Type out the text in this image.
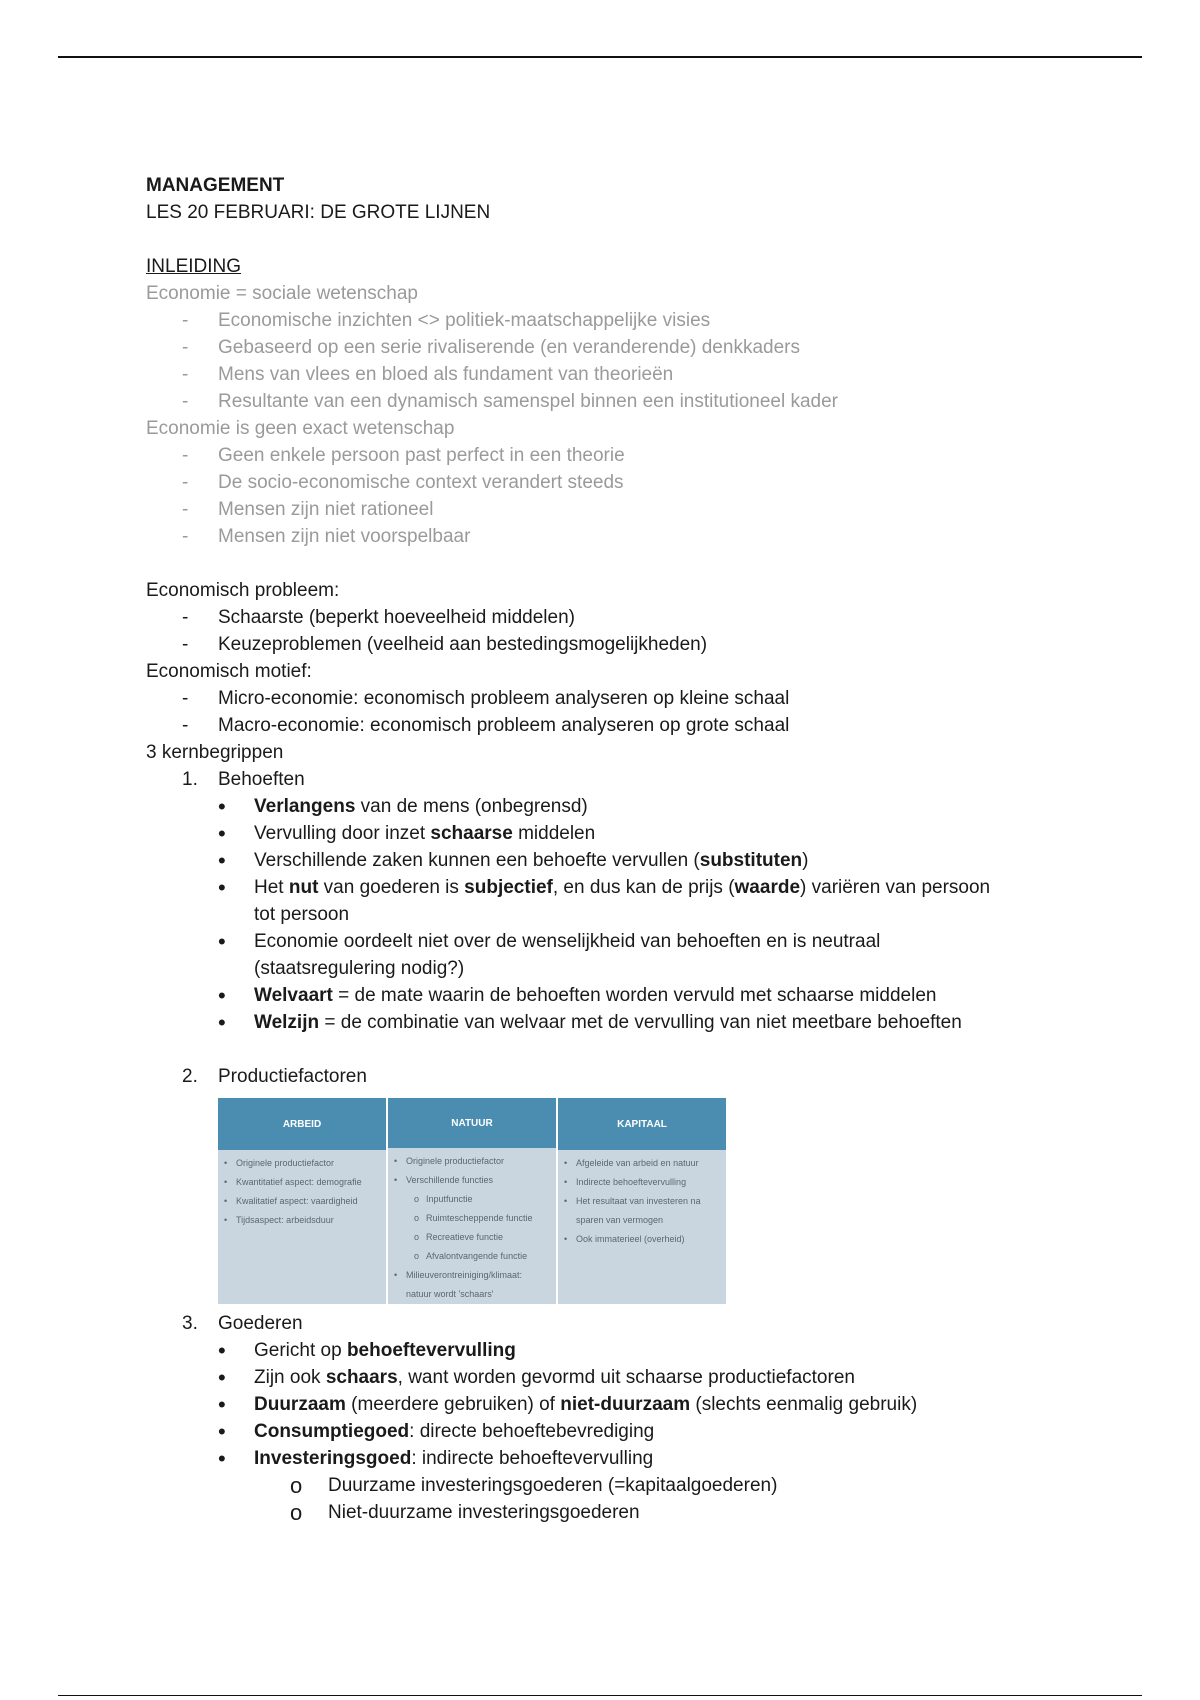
MANAGEMENT
LES 20 FEBRUARI: DE GROTE LIJNEN
INLEIDING
Economie = sociale wetenschap
- Economische inzichten <> politiek-maatschappelijke visies
- Gebaseerd op een serie rivaliserende (en veranderende) denkkaders
- Mens van vlees en bloed als fundament van theorieën
- Resultante van een dynamisch samenspel binnen een institutioneel kader
Economie is geen exact wetenschap
- Geen enkele persoon past perfect in een theorie
- De socio-economische context verandert steeds
- Mensen zijn niet rationeel
- Mensen zijn niet voorspelbaar
Economisch probleem:
- Schaarste (beperkt hoeveelheid middelen)
- Keuzeproblemen (veelheid aan bestedingsmogelijkheden)
Economisch motief:
- Micro-economie: economisch probleem analyseren op kleine schaal
- Macro-economie: economisch probleem analyseren op grote schaal
3 kernbegrippen
1. Behoeften
• Verlangens van de mens (onbegrensd)
• Vervulling door inzet schaarse middelen
• Verschillende zaken kunnen een behoefte vervullen (substituten)
• Het nut van goederen is subjectief, en dus kan de prijs (waarde) variëren van persoon
tot persoon
• Economie oordeelt niet over de wenselijkheid van behoeften en is neutraal
(staatsregulering nodig?)
• Welvaart = de mate waarin de behoeften worden vervuld met schaarse middelen
• Welzijn = de combinatie van welvaar met de vervulling van niet meetbare behoeften
2. Productiefactoren
ARBEID
• Originele productiefactor
• Kwantitatief aspect: demografie
• Kwalitatief aspect: vaardigheid
• Tijdsaspect: arbeidsduur
NATUUR
• Originele productiefactor
• Verschillende functies
o Inputfunctie
o Ruimtescheppende functie
o Recreatieve functie
o Afvalontvangende functie
• Milieuverontreiniging/klimaat:
natuur wordt 'schaars'
KAPITAAL
• Afgeleide van arbeid en natuur
• Indirecte behoeftevervulling
• Het resultaat van investeren na
sparen van vermogen
• Ook immaterieel (overheid)
3. Goederen
• Gericht op behoeftevervulling
• Zijn ook schaars, want worden gevormd uit schaarse productiefactoren
• Duurzaam (meerdere gebruiken) of niet-duurzaam (slechts eenmalig gebruik)
• Consumptiegoed: directe behoeftebevrediging
• Investeringsgoed: indirecte behoeftevervulling
o Duurzame investeringsgoederen (=kapitaalgoederen)
o Niet-duurzame investeringsgoederen
